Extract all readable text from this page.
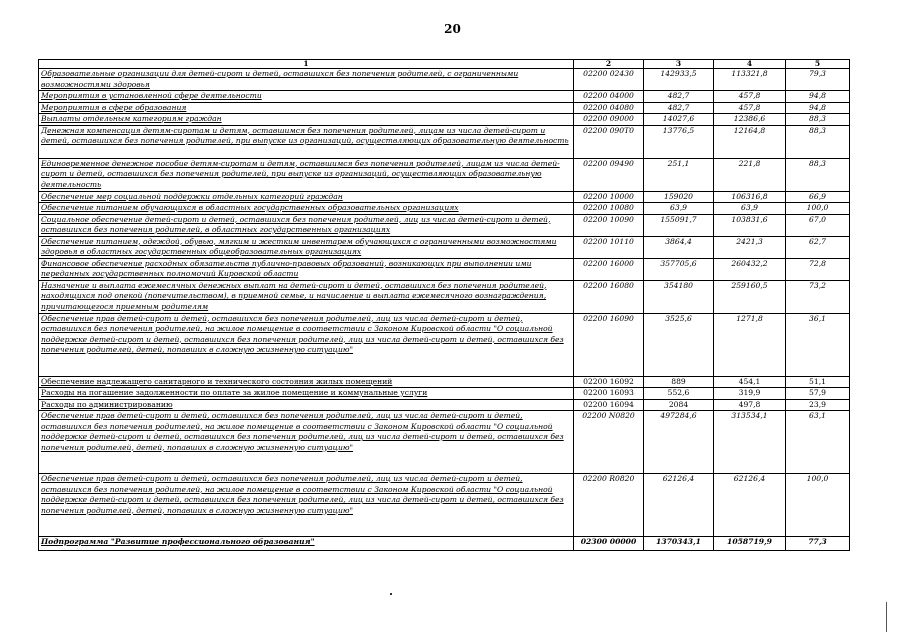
20
1	2	3	4	5
Образовательные организации для детей-сирот и детей, оставшихся без попечения родителей, с ограниченными возможностями здоровья	02200 02430	142933,5	113321,8	79,3
Мероприятия в установленной сфере деятельности	02200 04000	482,7	457,8	94,8
Мероприятия в сфере образования	02200 04080	482,7	457,8	94,8
Выплаты отдельным категориям граждан	02200 09000	14027,6	12386,6	88,3
Денежная компенсация детям-сиротам и детям, оставшимся без попечения родителей, лицам из числа детей-сирот и детей, оставшихся без попечения родителей, при выпуске из организаций, осуществляющих образовательную деятельность	02200 090Т0	13776,5	12164,8	88,3
Единовременное денежное пособие детям-сиротам и детям, оставшимся без попечения родителей, лицам из числа детей-сирот и детей, оставшихся без попечения родителей, при выпуске из организаций, осуществляющих образовательную деятельность	02200 09490	251,1	221,8	88,3
Обеспечение мер социальной поддержки отдельных категорий граждан	02200 10000	159020	106316,8	66,9
Обеспечение питанием обучающихся в областных государственных образовательных организациях	02200 10080	63,9	63,9	100,0
Социальное обеспечение детей-сирот и детей, оставшихся без попечения родителей, лиц из числа детей-сирот и детей, оставшихся без попечения родителей, в областных государственных организациях	02200 10090	155091,7	103831,6	67,0
Обеспечение питанием, одеждой, обувью, мягким и жестким инвентарем обучающихся с ограниченными возможностями здоровья в областных государственных общеобразовательных организациях	02200 10110	3864,4	2421,3	62,7
Финансовое обеспечение расходных обязательств публично-правовых образований, возникающих при выполнении ими переданных государственных полномочий Кировской области	02200 16000	357705,6	260432,2	72,8
Назначение и выплата ежемесячных денежных выплат на детей-сирот и детей, оставшихся без попечения родителей, находящихся под опекой (попечительством), в приемной семье, и начисление и выплата ежемесячного вознаграждения, причитающегося приемным родителям	02200 16080	354180	259160,5	73,2
Обеспечение прав детей-сирот и детей, оставшихся без попечения родителей, лиц из числа детей-сирот и детей, оставшихся без попечения родителей, на жилое помещение в соответствии с Законом Кировской области "О социальной поддержке детей-сирот и детей, оставшихся без попечения родителей, лиц из числа детей-сирот и детей, оставшихся без попечения родителей, детей, попавших в сложную жизненную ситуацию"	02200 16090	3525,6	1271,8	36,1
Обеспечение надлежащего санитарного и технического состояния жилых помещений	02200 16092	889	454,1	51,1
Расходы на погашение задолженности по оплате за жилое помещение и коммунальные услуги	02200 16093	552,6	319,9	57,9
Расходы по администрированию	02200 16094	2084	497,8	23,9
Обеспечение прав детей-сирот и детей, оставшихся без попечения родителей, лиц из числа детей-сирот и детей, оставшихся без попечения родителей, на жилое помещение в соответствии с Законом Кировской области "О социальной поддержке детей-сирот и детей, оставшихся без попечения родителей, лиц из числа детей-сирот и детей, оставшихся без попечения родителей, детей, попавших в сложную жизненную ситуацию"	02200 N0820	497284,6	313534,1	63,1
Обеспечение прав детей-сирот и детей, оставшихся без попечения родителей, лиц из числа детей-сирот и детей, оставшихся без попечения родителей, на жилое помещение в соответствии с Законом Кировской области "О социальной поддержке детей-сирот и детей, оставшихся без попечения родителей, лиц из числа детей-сирот и детей, оставшихся без попечения родителей, детей, попавших в сложную жизненную ситуацию"	02200 R0820	62126,4	62126,4	100,0
Подпрограмма "Развитие профессионального образования"	02300 00000	1370343,1	1058719,9	77,3
